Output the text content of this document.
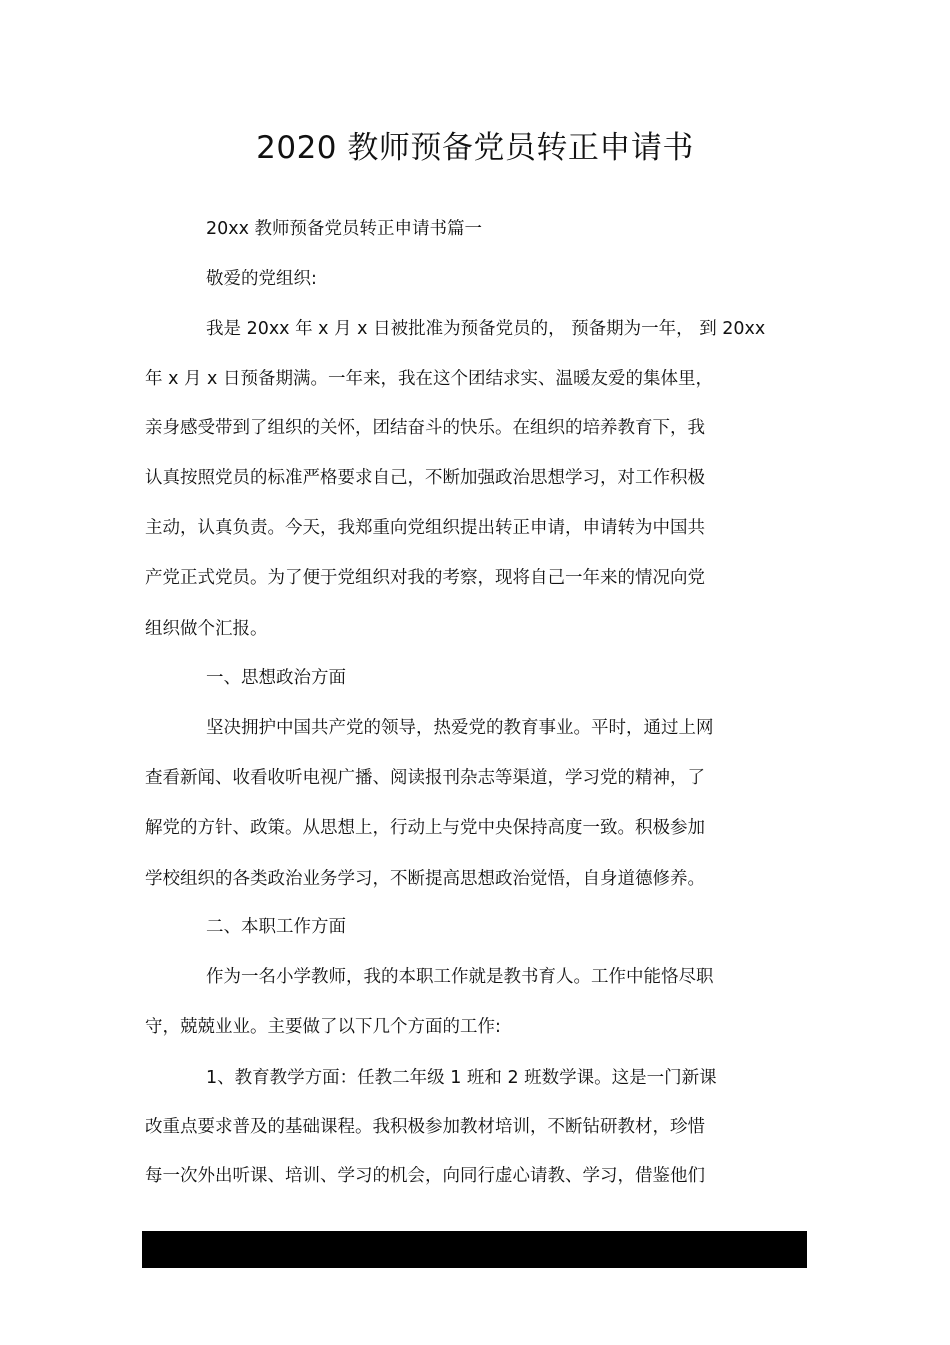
2020 教师预备党员转正申请书
20xx 教师预备党员转正申请书篇一
敬爱的党组织:
我是 20xx 年 x 月 x 日被批准为预备党员的， 预备期为一年， 到 20xx
年 x 月 x 日预备期满。一年来，我在这个团结求实、温暖友爱的集体里，
亲身感受带到了组织的关怀，团结奋斗的快乐。在组织的培养教育下，我
认真按照党员的标准严格要求自己，不断加强政治思想学习，对工作积极
主动，认真负责。今天，我郑重向党组织提出转正申请，申请转为中国共
产党正式党员。为了便于党组织对我的考察，现将自己一年来的情况向党
组织做个汇报。
一、思想政治方面
坚决拥护中国共产党的领导，热爱党的教育事业。平时，通过上网
查看新闻、收看收听电视广播、阅读报刊杂志等渠道，学习党的精神，了
解党的方针、政策。从思想上，行动上与党中央保持高度一致。积极参加
学校组织的各类政治业务学习，不断提高思想政治觉悟，自身道德修养。
二、本职工作方面
作为一名小学教师，我的本职工作就是教书育人。工作中能恪尽职
守，兢兢业业。主要做了以下几个方面的工作:
1、教育教学方面：任教二年级 1 班和 2 班数学课。这是一门新课
改重点要求普及的基础课程。我积极参加教材培训，不断钻研教材，珍惜
每一次外出听课、培训、学习的机会，向同行虚心请教、学习，借鉴他们
